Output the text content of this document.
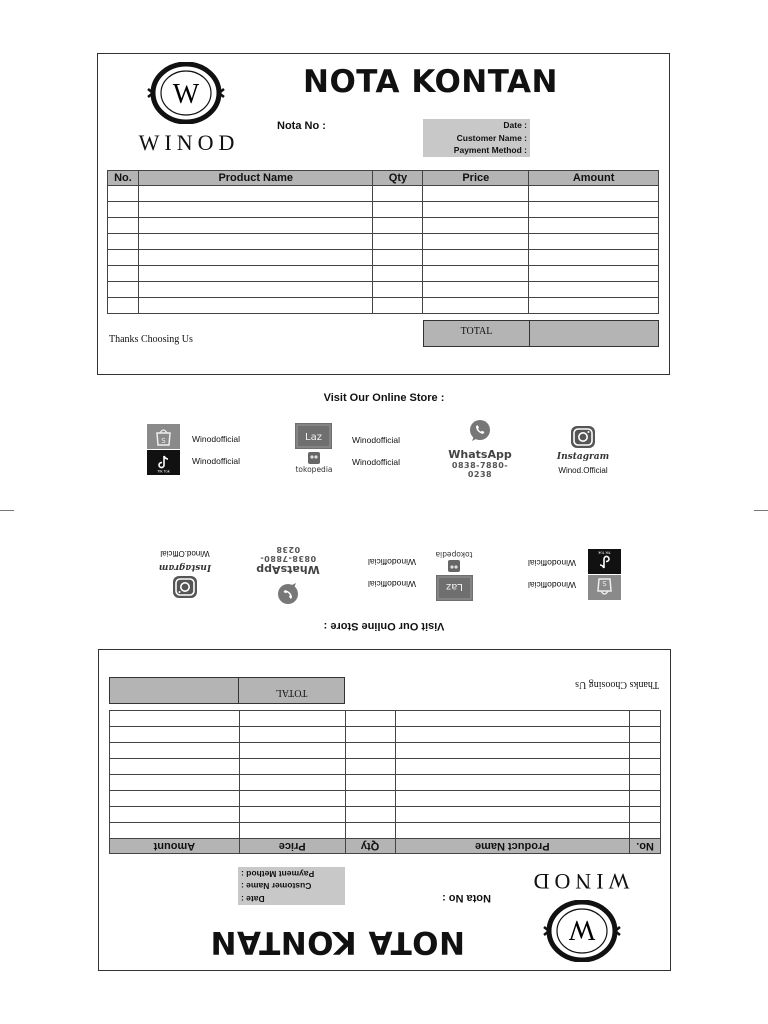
W
WINOD
NOTA KONTAN
Nota No :	Date :
Customer Name :
Payment Method :
No.	Product Name	Qty	Price	Amount

TOTAL
Thanks Choosing Us
Visit Our Online Store :
S	Winodofficial
Tik Tok
Winodofficial
Laz	Winodofficial
tokopedia
Winodofficial
WhatsApp
0838-7880-0238
Instagram
Winod.Official
W
WINOD
NOTA KONTAN
Nota No :
Date :
Customer Name :
Payment Method :
No.	Product Name	Qty	Price	Amount

TOTAL
Thanks Choosing Us
Visit Our Online Store :
S
Winodofficial
Tik Tok
Winodofficial
Laz
Winodofficial
tokopedia
Winodofficial
WhatsApp
0838-7880-0238
Instagram
Winod.Official
